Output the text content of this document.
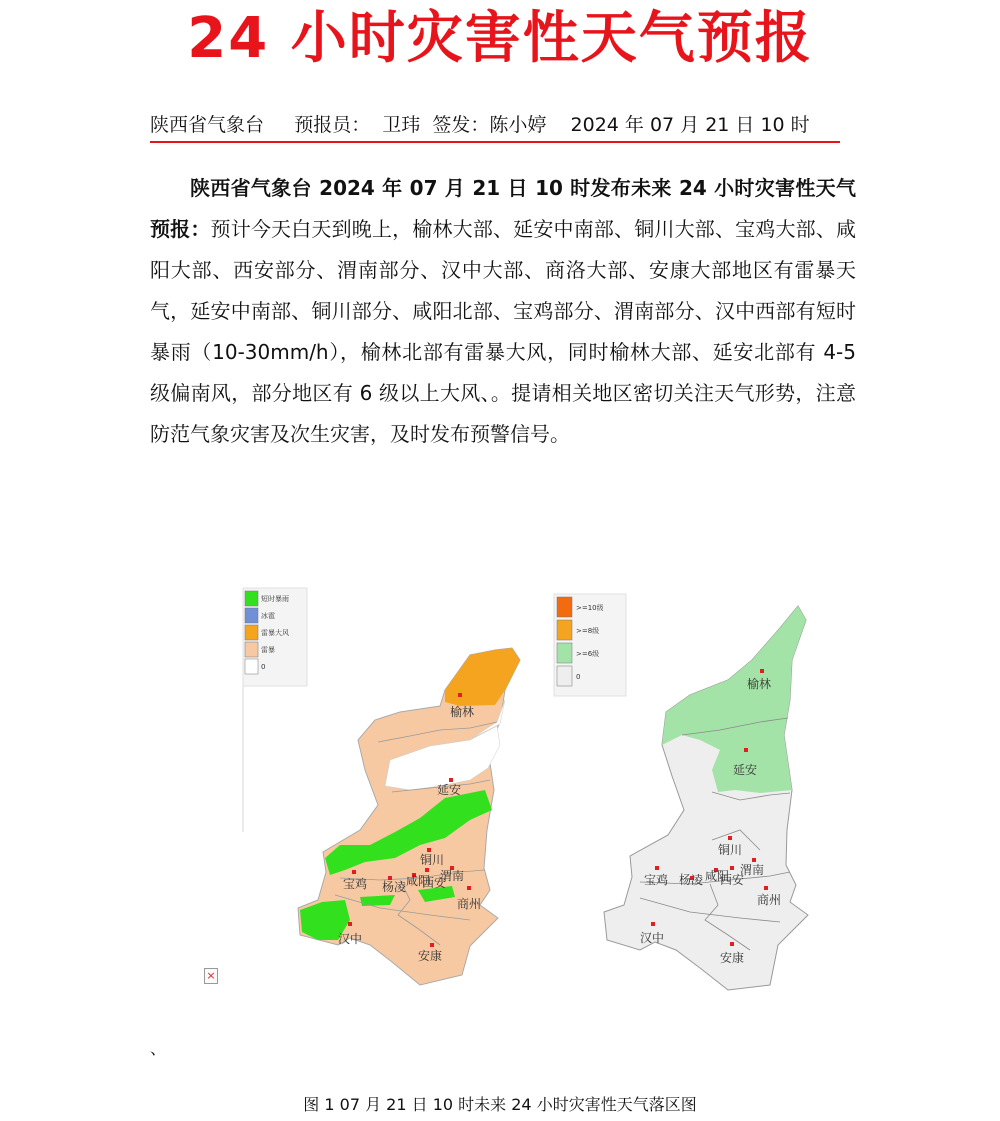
24 小时灾害性天气预报
陕西省气象台     预报员：  卫玮  签发：陈小婷    2024 年 07 月 21 日 10 时

陕西省气象台 2024 年 07 月 21 日 10 时发布未来 24 小时灾害性天气预报：预计今天白天到晚上，榆林大部、延安中南部、铜川大部、宝鸡大部、咸阳大部、西安部分、渭南部分、汉中大部、商洛大部、安康大部地区有雷暴天气，延安中南部、铜川部分、咸阳北部、宝鸡部分、渭南部分、汉中西部有短时暴雨（10-30mm/h），榆林北部有雷暴大风，同时榆林大部、延安北部有 4-5 级偏南风，部分地区有 6 级以上大风、。提请相关地区密切关注天气形势，注意防范气象灾害及次生灾害，及时发布预警信号。

短时暴雨
冰雹
雷暴大风
雷暴
0
榆林
延安
铜川
宝鸡 杨凌 咸阳
西安
渭南
商州
汉中
安康
>=10级
>=8级
>=6级
0	榆林
延安
铜川
宝鸡 杨凌 咸阳
西安
渭南
商州
汉中
安康
×
、
图 1 07 月 21 日 10 时未来 24 小时灾害性天气落区图
